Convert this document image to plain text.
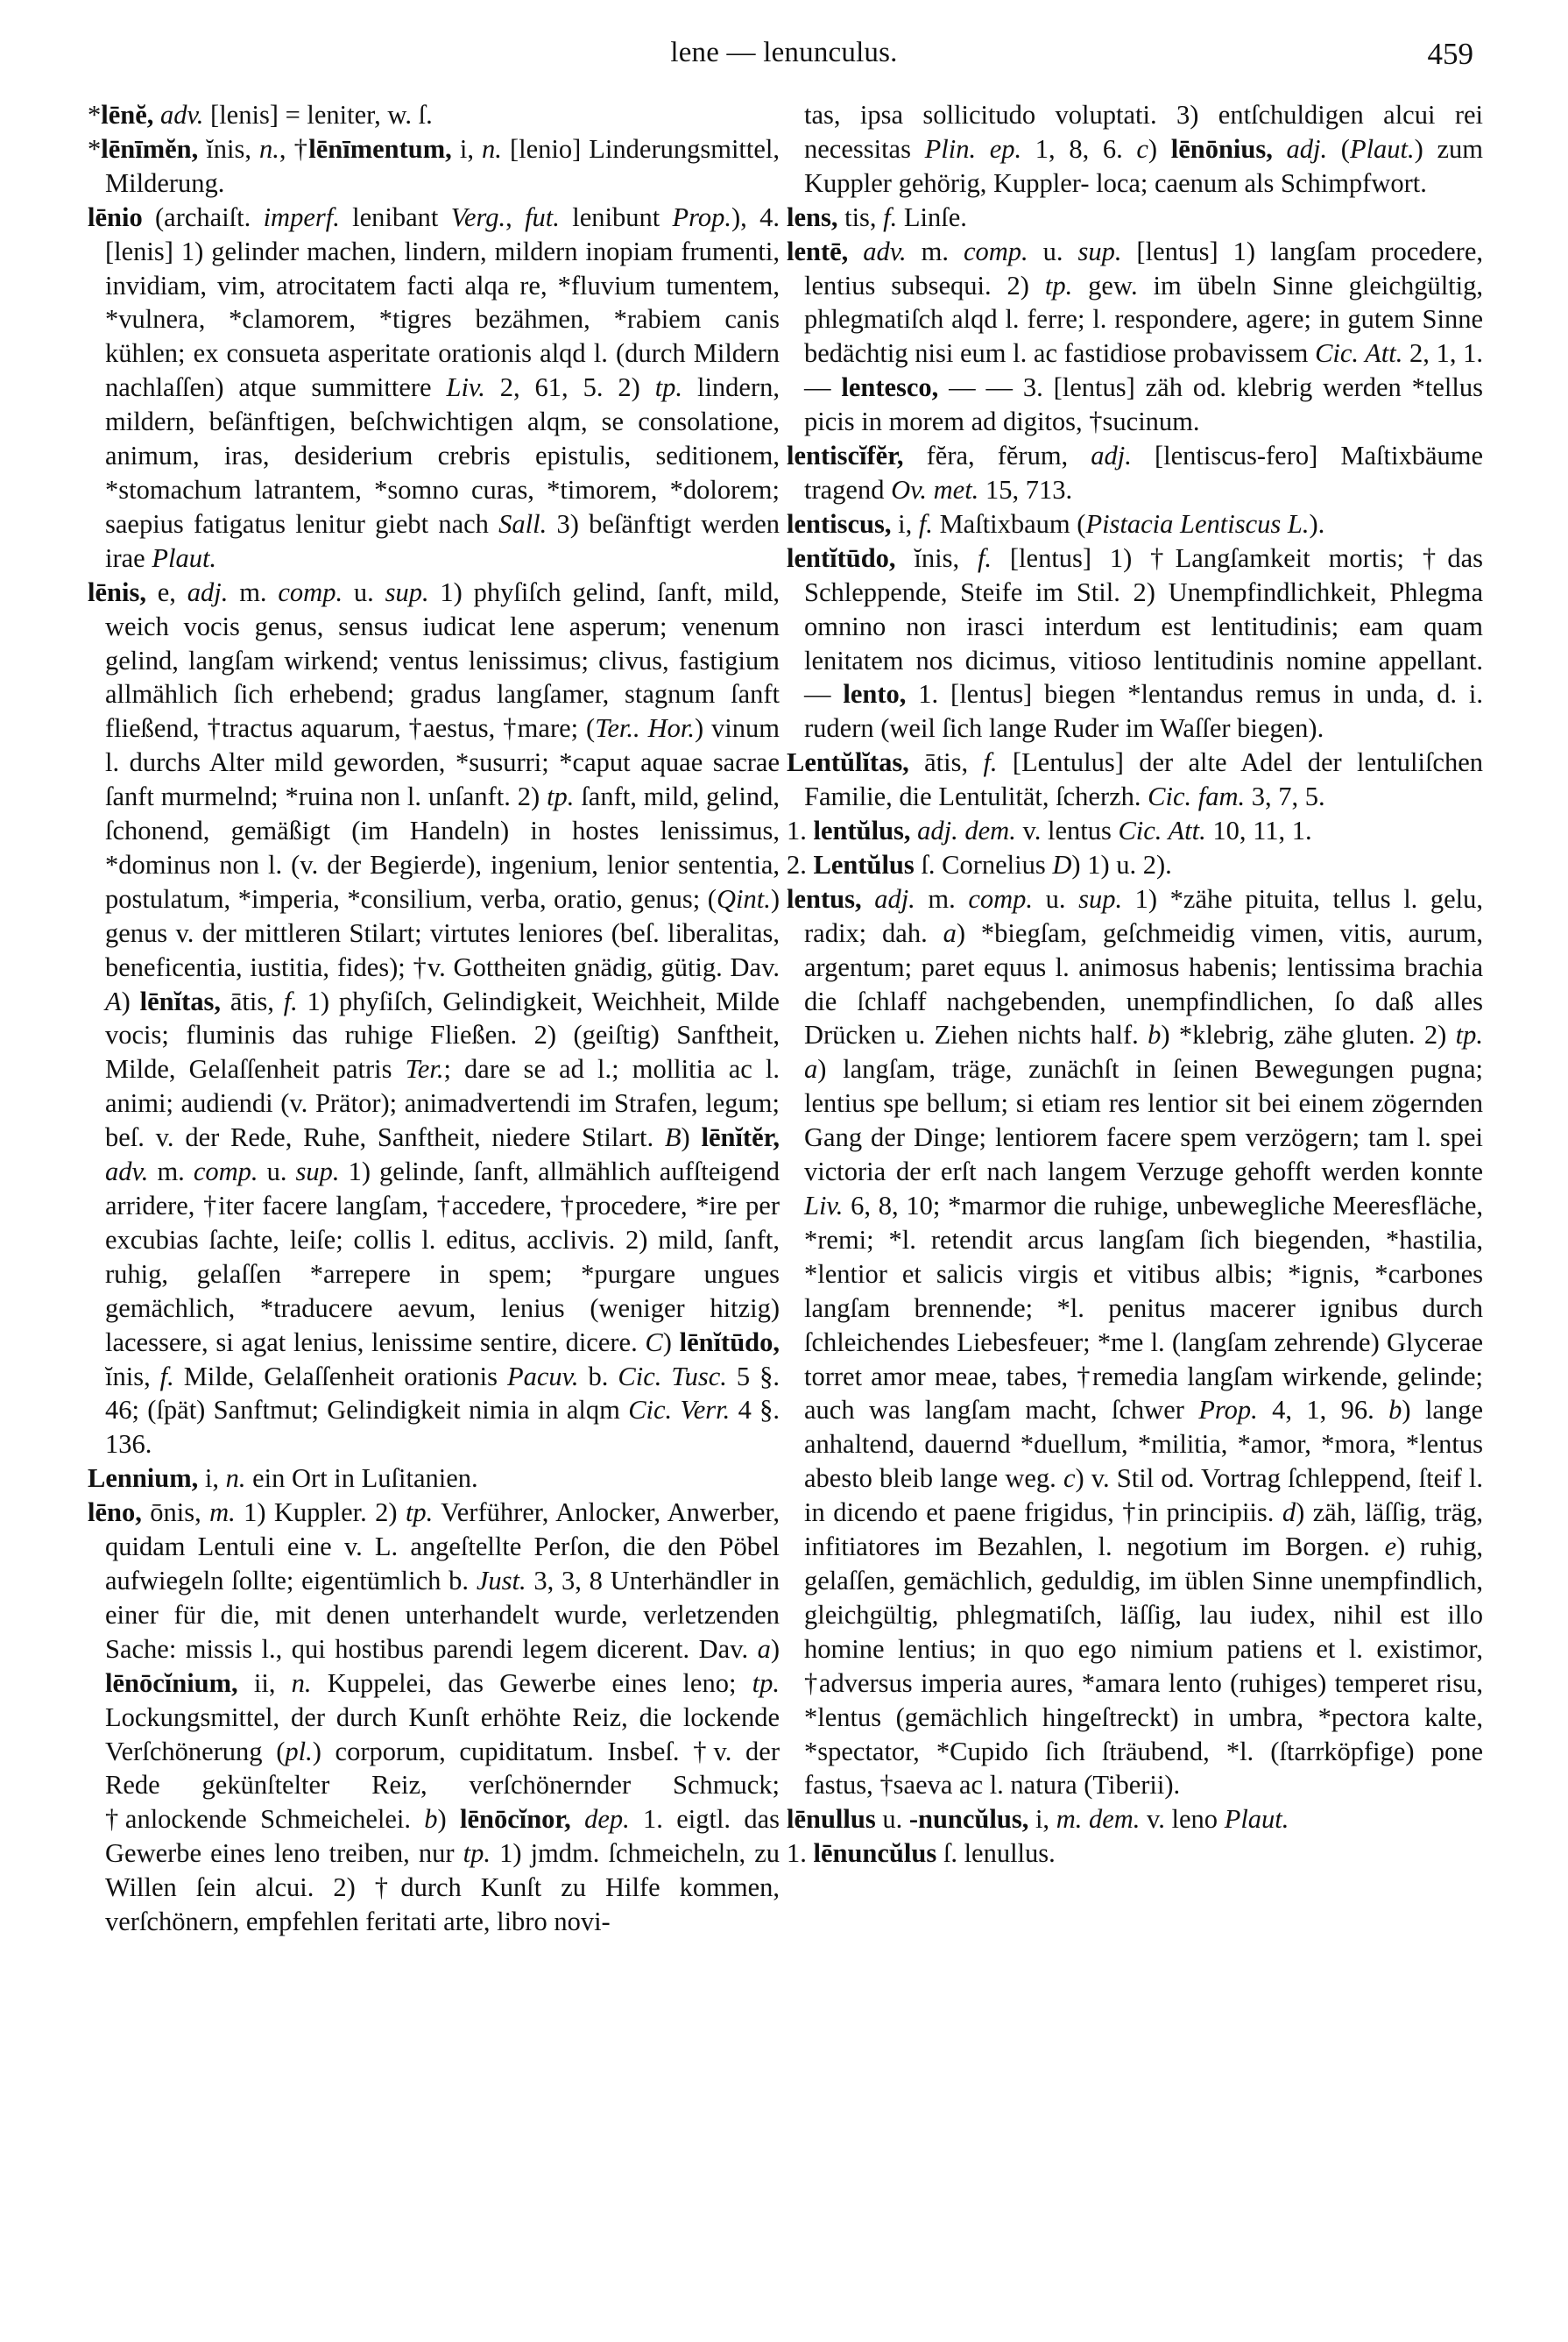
lene — lenunculus.	459

*lēnĕ, adv. [lenis] = leniter, w. ſ.

*lēnīmĕn, ĭnis, n., †lēnīmentum, i, n. [lenio] Linderungsmittel, Milderung.

lēnio (archaiſt. imperf. lenibant Verg., fut. lenibunt Prop.), 4. [lenis] 1) gelinder machen, lindern, mildern inopiam frumenti, invidiam, vim, atrocitatem facti alqa re, *fluvium tumentem, *vulnera, *clamorem, *tigres bezähmen, *rabiem canis kühlen; ex consueta asperitate orationis alqd l. (durch Mildern nachlaſſen) atque summittere Liv. 2, 61, 5. 2) tp. lindern, mildern, beſänftigen, beſchwichtigen alqm, se consolatione, animum, iras, desiderium crebris epistulis, seditionem, *stomachum latrantem, *somno curas, *timorem, *dolorem; saepius fatigatus lenitur giebt nach Sall. 3) beſänftigt werden irae Plaut.

lēnis, e, adj. m. comp. u. sup. 1) phyſiſch gelind, ſanft, mild, weich vocis genus, sensus iudicat lene asperum; venenum gelind, langſam wirkend; ventus lenissimus; clivus, fastigium allmählich ſich erhebend; gradus langſamer, stagnum ſanft fließend, †tractus aquarum, †aestus, †mare; (Ter.. Hor.) vinum l. durchs Alter mild geworden, *susurri; *caput aquae sacrae ſanft murmelnd; *ruina non l. unſanft. 2) tp. ſanft, mild, gelind, ſchonend, gemäßigt (im Handeln) in hostes lenissimus, *dominus non l. (v. der Begierde), ingenium, lenior sententia, postulatum, *imperia, *consilium, verba, oratio, genus; (Qint.) genus v. der mittleren Stilart; virtutes leniores (beſ. liberalitas, beneficentia, iustitia, fides); †v. Gottheiten gnädig, gütig. Dav. A) lēnĭtas, ātis, f. 1) phyſiſch, Gelindigkeit, Weichheit, Milde vocis; fluminis das ruhige Fließen. 2) (geiſtig) Sanftheit, Milde, Gelaſſenheit patris Ter.; dare se ad l.; mollitia ac l. animi; audiendi (v. Prätor); animadvertendi im Strafen, legum; beſ. v. der Rede, Ruhe, Sanftheit, niedere Stilart. B) lēnĭtĕr, adv. m. comp. u. sup. 1) gelinde, ſanft, allmählich aufſteigend arridere, †iter facere langſam, †accedere, †procedere, *ire per excubias ſachte, leiſe; collis l. editus, acclivis. 2) mild, ſanft, ruhig, gelaſſen *arrepere in spem; *purgare ungues gemächlich, *traducere aevum, lenius (weniger hitzig) lacessere, si agat lenius, lenissime sentire, dicere. C) lēnĭtūdo, ĭnis, f. Milde, Gelaſſenheit orationis Pacuv. b. Cic. Tusc. 5 §. 46; (ſpät) Sanftmut; Gelindigkeit nimia in alqm Cic. Verr. 4 §. 136.

Lennium, i, n. ein Ort in Luſitanien.

lēno, ōnis, m. 1) Kuppler. 2) tp. Verführer, Anlocker, Anwerber, quidam Lentuli eine v. L. angeſtellte Perſon, die den Pöbel aufwiegeln ſollte; eigentümlich b. Just. 3, 3, 8 Unterhändler in einer für die, mit denen unterhandelt wurde, verletzenden Sache: missis l., qui hostibus parendi legem dicerent. Dav. a) lēnōcĭnium, ii, n. Kuppelei, das Gewerbe eines leno; tp. Lockungsmittel, der durch Kunſt erhöhte Reiz, die lockende Verſchönerung (pl.) corporum, cupiditatum. Insbeſ. †v. der Rede gekünſtelter Reiz, verſchönernder Schmuck; †anlockende Schmeichelei. b) lēnōcĭnor, dep. 1. eigtl. das Gewerbe eines leno treiben, nur tp. 1) jmdm. ſchmeicheln, zu Willen ſein alcui. 2) †durch Kunſt zu Hilfe kommen, verſchönern, empfehlen feritati arte, libro novi-

tas, ipsa sollicitudo voluptati. 3) entſchuldigen alcui rei necessitas Plin. ep. 1, 8, 6. c) lēnōnius, adj. (Plaut.) zum Kuppler gehörig, Kuppler- loca; caenum als Schimpfwort.

lens, tis, f. Linſe.

lentē, adv. m. comp. u. sup. [lentus] 1) langſam procedere, lentius subsequi. 2) tp. gew. im übeln Sinne gleichgültig, phlegmatiſch alqd l. ferre; l. respondere, agere; in gutem Sinne bedächtig nisi eum l. ac fastidiose probavissem Cic. Att. 2, 1, 1. — lentesco, — — 3. [lentus] zäh od. klebrig werden *tellus picis in morem ad digitos, †sucinum.

lentiscĭfĕr, fĕra, fĕrum, adj. [lentiscus-fero] Maſtixbäume tragend Ov. met. 15, 713.

lentiscus, i, f. Maſtixbaum (Pistacia Lentiscus L.).

lentĭtūdo, ĭnis, f. [lentus] 1) †Langſamkeit mortis; †das Schleppende, Steife im Stil. 2) Unempfindlichkeit, Phlegma omnino non irasci interdum est lentitudinis; eam quam lenitatem nos dicimus, vitioso lentitudinis nomine appellant. — lento, 1. [lentus] biegen *lentandus remus in unda, d. i. rudern (weil ſich lange Ruder im Waſſer biegen).

Lentŭlĭtas, ātis, f. [Lentulus] der alte Adel der lentuliſchen Familie, die Lentulität, ſcherzh. Cic. fam. 3, 7, 5.

1. lentŭlus, adj. dem. v. lentus Cic. Att. 10, 11, 1.

2. Lentŭlus ſ. Cornelius D) 1) u. 2).

lentus, adj. m. comp. u. sup. 1) *zähe pituita, tellus l. gelu, radix; dah. a) *biegſam, geſchmeidig vimen, vitis, aurum, argentum; paret equus l. animosus habenis; lentissima brachia die ſchlaff nachgebenden, unempfindlichen, ſo daß alles Drücken u. Ziehen nichts half. b) *klebrig, zähe gluten. 2) tp. a) langſam, träge, zunächſt in ſeinen Bewegungen pugna; lentius spe bellum; si etiam res lentior sit bei einem zögernden Gang der Dinge; lentiorem facere spem verzögern; tam l. spei victoria der erſt nach langem Verzuge gehofft werden konnte Liv. 6, 8, 10; *marmor die ruhige, unbewegliche Meeresfläche, *remi; *l. retendit arcus langſam ſich biegenden, *hastilia, *lentior et salicis virgis et vitibus albis; *ignis, *carbones langſam brennende; *l. penitus macerer ignibus durch ſchleichendes Liebesfeuer; *me l. (langſam zehrende) Glycerae torret amor meae, tabes, †remedia langſam wirkende, gelinde; auch was langſam macht, ſchwer Prop. 4, 1, 96. b) lange anhaltend, dauernd *duellum, *militia, *amor, *mora, *lentus abesto bleib lange weg. c) v. Stil od. Vortrag ſchleppend, ſteif l. in dicendo et paene frigidus, †in principiis. d) zäh, läſſig, träg, infitiatores im Bezahlen, l. negotium im Borgen. e) ruhig, gelaſſen, gemächlich, geduldig, im üblen Sinne unempfindlich, gleichgültig, phlegmatiſch, läſſig, lau iudex, nihil est illo homine lentius; in quo ego nimium patiens et l. existimor, †adversus imperia aures, *amara lento (ruhiges) temperet risu, *lentus (gemächlich hingeſtreckt) in umbra, *pectora kalte, *spectator, *Cupido ſich ſträubend, *l. (ſtarrköpfige) pone fastus, †saeva ac l. natura (Tiberii).

lēnullus u. -nuncŭlus, i, m. dem. v. leno Plaut.

1. lēnuncŭlus ſ. lenullus.
